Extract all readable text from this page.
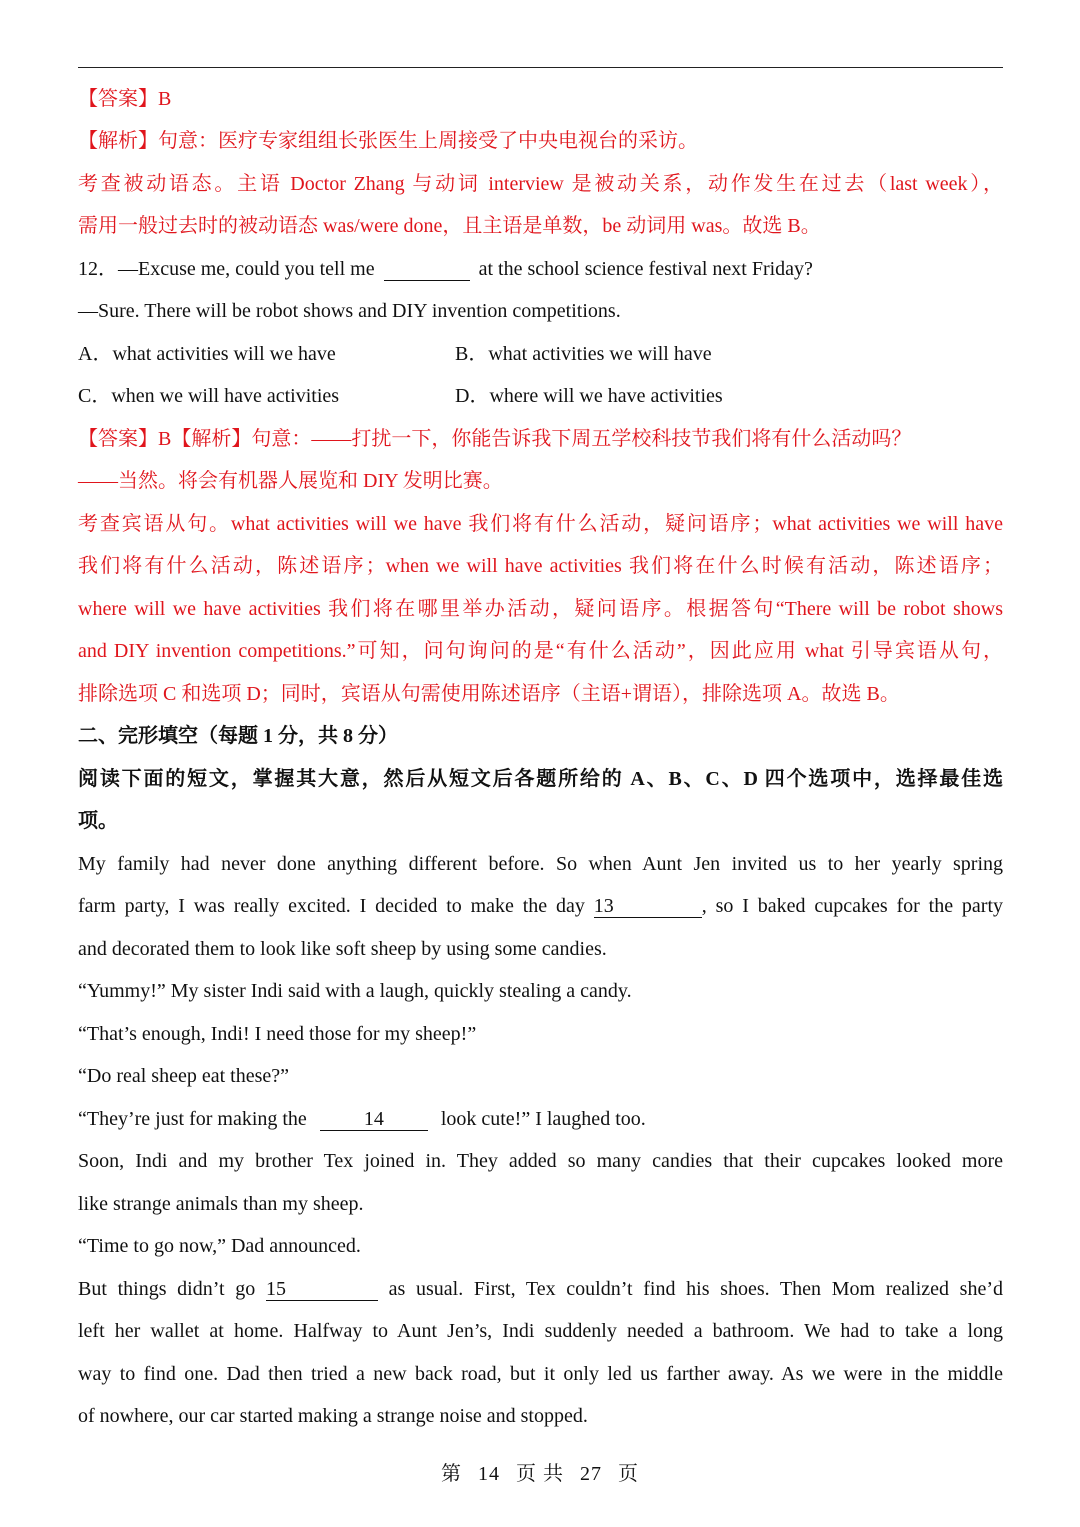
【答案】B
【解析】句意：医疗专家组组长张医生上周接受了中央电视台的采访。
考查被动语态。主语 Doctor Zhang 与动词 interview 是被动关系，动作发生在过去（last week），
需用一般过去时的被动语态 was/were done，且主语是单数，be 动词用 was。故选 B。
12．—Excuse me, could you tell me	at the school science festival next Friday?
—Sure. There will be robot shows and DIY invention competitions.
A．what activities will we have	B．what activities we will have
C．when we will have activities	D．where will we have activities
【答案】B【解析】句意：——打扰一下，你能告诉我下周五学校科技节我们将有什么活动吗？
——当然。将会有机器人展览和 DIY 发明比赛。
考查宾语从句。what activities will we have 我们将有什么活动，疑问语序；what activities we will have
我们将有什么活动，陈述语序；when we will have activities 我们将在什么时候有活动，陈述语序；
where will we have activities 我们将在哪里举办活动，疑问语序。根据答句“There will be robot shows
and DIY invention competitions.”可知，问句询问的是“有什么活动”，因此应用 what 引导宾语从句，
排除选项 C 和选项 D；同时，宾语从句需使用陈述语序（主语+谓语），排除选项 A。故选 B。
二、完形填空（每题 1 分，共 8 分）
阅读下面的短文，掌握其大意，然后从短文后各题所给的 A、B、C、D 四个选项中，选择最佳选
项。
My family had never done anything different before. So when Aunt Jen invited us to her yearly spring
farm party, I was really excited. I decided to make the day 13	, so I baked cupcakes for the party
and decorated them to look like soft sheep by using some candies.
“Yummy!” My sister Indi said with a laugh, quickly stealing a candy.
“That’s enough, Indi! I need those for my sheep!”
“Do real sheep eat these?”
“They’re just for making the	14	look cute!” I laughed too.
Soon, Indi and my brother Tex joined in. They added so many candies that their cupcakes looked more
like strange animals than my sheep.
“Time to go now,” Dad announced.
But things didn’t go 15	as usual. First, Tex couldn’t find his shoes. Then Mom realized she’d
left her wallet at home. Halfway to Aunt Jen’s, Indi suddenly needed a bathroom. We had to take a long
way to find one. Dad then tried a new back road, but it only led us farther away. As we were in the middle
of nowhere, our car started making a strange noise and stopped.
第 14 页 共 27 页
